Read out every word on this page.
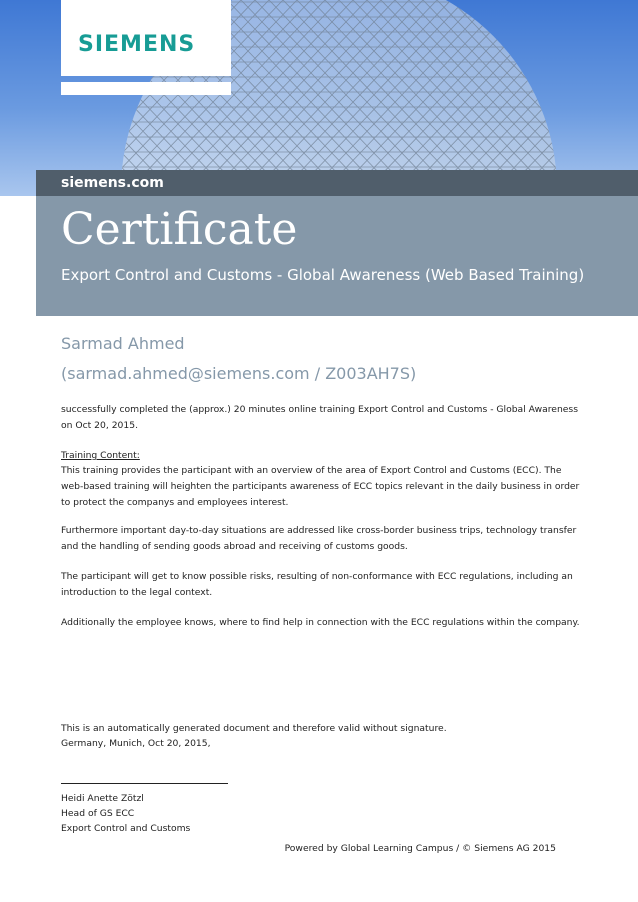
SIEMENS
siemens.com
Certificate
Export Control and Customs - Global Awareness (Web Based Training)
Sarmad Ahmed
(sarmad.ahmed@siemens.com / Z003AH7S)
successfully completed the (approx.) 20 minutes online training Export Control and Customs - Global Awareness on Oct 20, 2015.
Training Content:
This training provides the participant with an overview of the area of Export Control and Customs (ECC). The web-based training will heighten the participants awareness of ECC topics relevant in the daily business in order to protect the companys and employees interest.
Furthermore important day-to-day situations are addressed like cross-border business trips, technology transfer and the handling of sending goods abroad and receiving of customs goods.
The participant will get to know possible risks, resulting of non-conformance with ECC regulations, including an introduction to the legal context.
Additionally the employee knows, where to find help in connection with the ECC regulations within the company.
This is an automatically generated document and therefore valid without signature.
Germany, Munich, Oct 20, 2015,
Heidi Anette Zötzl
Head of GS ECC
Export Control and Customs
Powered by Global Learning Campus / © Siemens AG 2015
